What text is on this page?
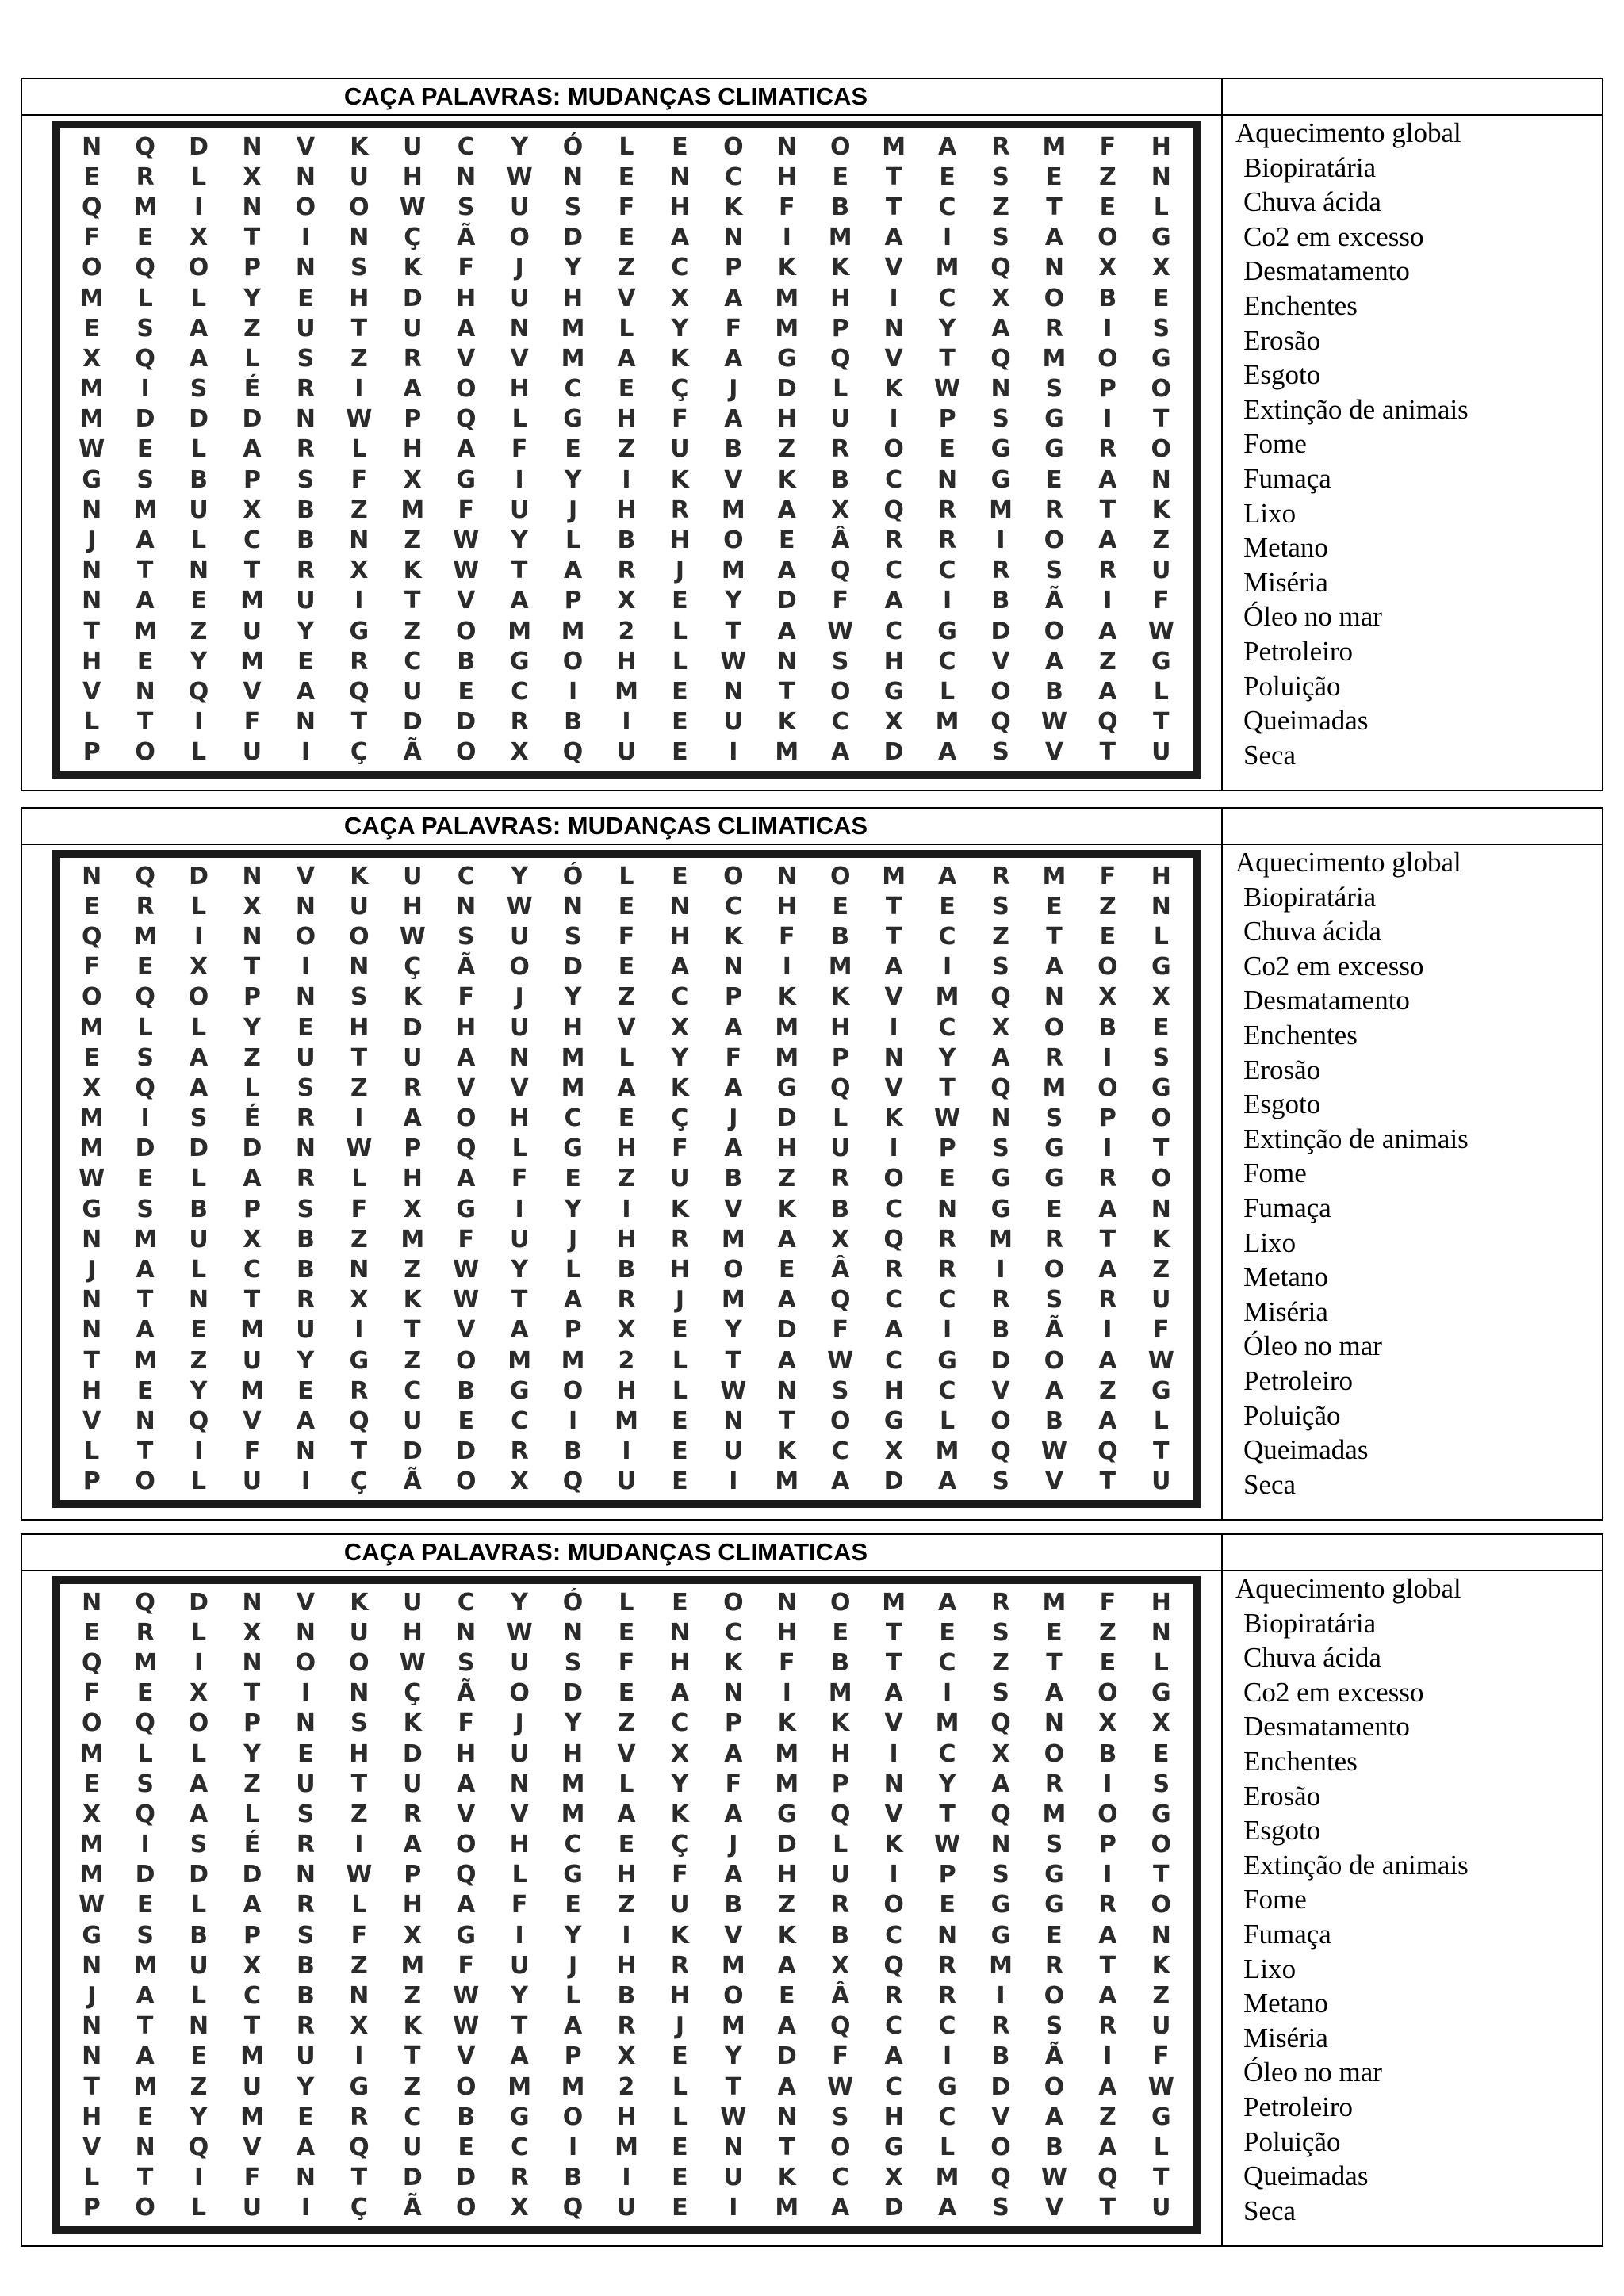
CAÇA PALAVRAS: MUDANÇAS CLIMATICAS
N	Q	D	N	V	K	U	C	Y	Ó	L	E	O	N	O	M	A	R	M	F	H
E	R	L	X	N	U	H	N	W	N	E	N	C	H	E	T	E	S	E	Z	N
Q	M	I	N	O	O	W	S	U	S	F	H	K	F	B	T	C	Z	T	E	L
F	E	X	T	I	N	Ç	Ã	O	D	E	A	N	I	M	A	I	S	A	O	G
O	Q	O	P	N	S	K	F	J	Y	Z	C	P	K	K	V	M	Q	N	X	X
M	L	L	Y	E	H	D	H	U	H	V	X	A	M	H	I	C	X	O	B	E
E	S	A	Z	U	T	U	A	N	M	L	Y	F	M	P	N	Y	A	R	I	S
X	Q	A	L	S	Z	R	V	V	M	A	K	A	G	Q	V	T	Q	M	O	G
M	I	S	É	R	I	A	O	H	C	E	Ç	J	D	L	K	W	N	S	P	O
M	D	D	D	N	W	P	Q	L	G	H	F	A	H	U	I	P	S	G	I	T
W	E	L	A	R	L	H	A	F	E	Z	U	B	Z	R	O	E	G	G	R	O
G	S	B	P	S	F	X	G	I	Y	I	K	V	K	B	C	N	G	E	A	N
N	M	U	X	B	Z	M	F	U	J	H	R	M	A	X	Q	R	M	R	T	K
J	A	L	C	B	N	Z	W	Y	L	B	H	O	E	Â	R	R	I	O	A	Z
N	T	N	T	R	X	K	W	T	A	R	J	M	A	Q	C	C	R	S	R	U
N	A	E	M	U	I	T	V	A	P	X	E	Y	D	F	A	I	B	Ã	I	F
T	M	Z	U	Y	G	Z	O	M	M	2	L	T	A	W	C	G	D	O	A	W
H	E	Y	M	E	R	C	B	G	O	H	L	W	N	S	H	C	V	A	Z	G
V	N	Q	V	A	Q	U	E	C	I	M	E	N	T	O	G	L	O	B	A	L
L	T	I	F	N	T	D	D	R	B	I	E	U	K	C	X	M	Q	W	Q	T
P	O	L	U	I	Ç	Ã	O	X	Q	U	E	I	M	A	D	A	S	V	T	U
Aquecimento global
Biopiratária
Chuva ácida
Co2 em excesso
Desmatamento
Enchentes
Erosão
Esgoto
Extinção de animais
Fome
Fumaça
Lixo
Metano
Miséria
Óleo no mar
Petroleiro
Poluição
Queimadas
Seca
CAÇA PALAVRAS: MUDANÇAS CLIMATICAS
N	Q	D	N	V	K	U	C	Y	Ó	L	E	O	N	O	M	A	R	M	F	H
E	R	L	X	N	U	H	N	W	N	E	N	C	H	E	T	E	S	E	Z	N
Q	M	I	N	O	O	W	S	U	S	F	H	K	F	B	T	C	Z	T	E	L
F	E	X	T	I	N	Ç	Ã	O	D	E	A	N	I	M	A	I	S	A	O	G
O	Q	O	P	N	S	K	F	J	Y	Z	C	P	K	K	V	M	Q	N	X	X
M	L	L	Y	E	H	D	H	U	H	V	X	A	M	H	I	C	X	O	B	E
E	S	A	Z	U	T	U	A	N	M	L	Y	F	M	P	N	Y	A	R	I	S
X	Q	A	L	S	Z	R	V	V	M	A	K	A	G	Q	V	T	Q	M	O	G
M	I	S	É	R	I	A	O	H	C	E	Ç	J	D	L	K	W	N	S	P	O
M	D	D	D	N	W	P	Q	L	G	H	F	A	H	U	I	P	S	G	I	T
W	E	L	A	R	L	H	A	F	E	Z	U	B	Z	R	O	E	G	G	R	O
G	S	B	P	S	F	X	G	I	Y	I	K	V	K	B	C	N	G	E	A	N
N	M	U	X	B	Z	M	F	U	J	H	R	M	A	X	Q	R	M	R	T	K
J	A	L	C	B	N	Z	W	Y	L	B	H	O	E	Â	R	R	I	O	A	Z
N	T	N	T	R	X	K	W	T	A	R	J	M	A	Q	C	C	R	S	R	U
N	A	E	M	U	I	T	V	A	P	X	E	Y	D	F	A	I	B	Ã	I	F
T	M	Z	U	Y	G	Z	O	M	M	2	L	T	A	W	C	G	D	O	A	W
H	E	Y	M	E	R	C	B	G	O	H	L	W	N	S	H	C	V	A	Z	G
V	N	Q	V	A	Q	U	E	C	I	M	E	N	T	O	G	L	O	B	A	L
L	T	I	F	N	T	D	D	R	B	I	E	U	K	C	X	M	Q	W	Q	T
P	O	L	U	I	Ç	Ã	O	X	Q	U	E	I	M	A	D	A	S	V	T	U
Aquecimento global
Biopiratária
Chuva ácida
Co2 em excesso
Desmatamento
Enchentes
Erosão
Esgoto
Extinção de animais
Fome
Fumaça
Lixo
Metano
Miséria
Óleo no mar
Petroleiro
Poluição
Queimadas
Seca
CAÇA PALAVRAS: MUDANÇAS CLIMATICAS
N	Q	D	N	V	K	U	C	Y	Ó	L	E	O	N	O	M	A	R	M	F	H
E	R	L	X	N	U	H	N	W	N	E	N	C	H	E	T	E	S	E	Z	N
Q	M	I	N	O	O	W	S	U	S	F	H	K	F	B	T	C	Z	T	E	L
F	E	X	T	I	N	Ç	Ã	O	D	E	A	N	I	M	A	I	S	A	O	G
O	Q	O	P	N	S	K	F	J	Y	Z	C	P	K	K	V	M	Q	N	X	X
M	L	L	Y	E	H	D	H	U	H	V	X	A	M	H	I	C	X	O	B	E
E	S	A	Z	U	T	U	A	N	M	L	Y	F	M	P	N	Y	A	R	I	S
X	Q	A	L	S	Z	R	V	V	M	A	K	A	G	Q	V	T	Q	M	O	G
M	I	S	É	R	I	A	O	H	C	E	Ç	J	D	L	K	W	N	S	P	O
M	D	D	D	N	W	P	Q	L	G	H	F	A	H	U	I	P	S	G	I	T
W	E	L	A	R	L	H	A	F	E	Z	U	B	Z	R	O	E	G	G	R	O
G	S	B	P	S	F	X	G	I	Y	I	K	V	K	B	C	N	G	E	A	N
N	M	U	X	B	Z	M	F	U	J	H	R	M	A	X	Q	R	M	R	T	K
J	A	L	C	B	N	Z	W	Y	L	B	H	O	E	Â	R	R	I	O	A	Z
N	T	N	T	R	X	K	W	T	A	R	J	M	A	Q	C	C	R	S	R	U
N	A	E	M	U	I	T	V	A	P	X	E	Y	D	F	A	I	B	Ã	I	F
T	M	Z	U	Y	G	Z	O	M	M	2	L	T	A	W	C	G	D	O	A	W
H	E	Y	M	E	R	C	B	G	O	H	L	W	N	S	H	C	V	A	Z	G
V	N	Q	V	A	Q	U	E	C	I	M	E	N	T	O	G	L	O	B	A	L
L	T	I	F	N	T	D	D	R	B	I	E	U	K	C	X	M	Q	W	Q	T
P	O	L	U	I	Ç	Ã	O	X	Q	U	E	I	M	A	D	A	S	V	T	U
Aquecimento global
Biopiratária
Chuva ácida
Co2 em excesso
Desmatamento
Enchentes
Erosão
Esgoto
Extinção de animais
Fome
Fumaça
Lixo
Metano
Miséria
Óleo no mar
Petroleiro
Poluição
Queimadas
Seca
